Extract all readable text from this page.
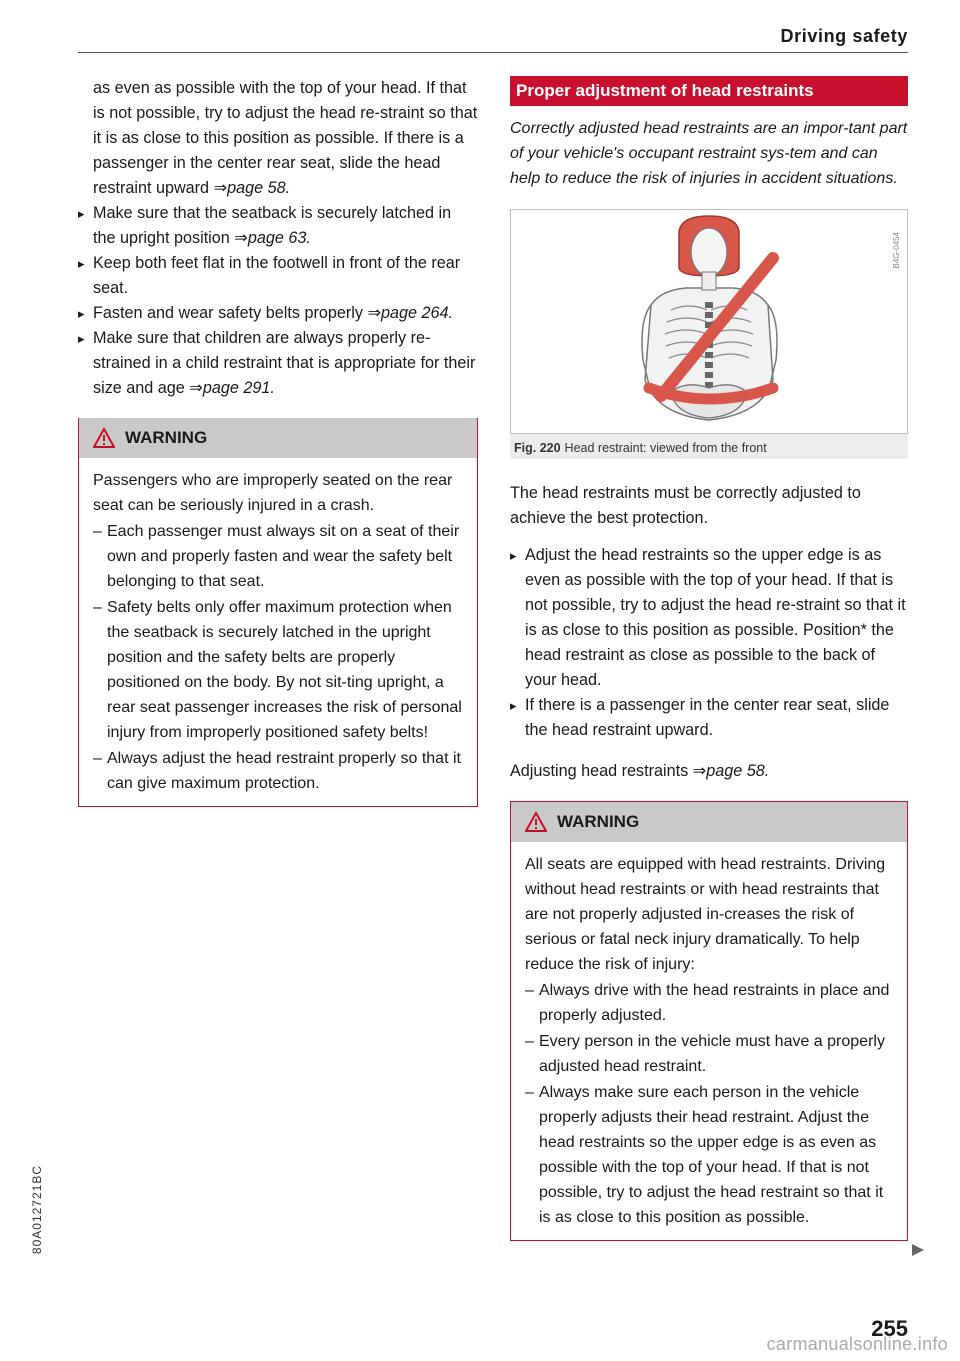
Driving safety

as even as possible with the top of your head. If that is not possible, try to adjust the head re-straint so that it is as close to this position as possible. If there is a passenger in the center rear seat, slide the head restraint upward ⇒page 58.

▸ Make sure that the seatback is securely latched in the upright position ⇒page 63.
▸ Keep both feet flat in the footwell in front of the rear seat.
▸ Fasten and wear safety belts properly ⇒page 264.
▸ Make sure that children are always properly re-strained in a child restraint that is appropriate for their size and age ⇒page 291.
WARNING

Passengers who are improperly seated on the rear seat can be seriously injured in a crash.

– Each passenger must always sit on a seat of their own and properly fasten and wear the safety belt belonging to that seat.
– Safety belts only offer maximum protection when the seatback is securely latched in the upright position and the safety belts are properly positioned on the body. By not sit-ting upright, a rear seat passenger increases the risk of personal injury from improperly positioned safety belts!
– Always adjust the head restraint properly so that it can give maximum protection.
Proper adjustment of head restraints

Correctly adjusted head restraints are an impor-tant part of your vehicle's occupant restraint sys-tem and can help to reduce the risk of injuries in accident situations.

B4G-0454
Fig. 220 Head restraint: viewed from the front

The head restraints must be correctly adjusted to achieve the best protection.

▸ Adjust the head restraints so the upper edge is as even as possible with the top of your head. If that is not possible, try to adjust the head re-straint so that it is as close to this position as possible. Position* the head restraint as close as possible to the back of your head.
▸ If there is a passenger in the center rear seat, slide the head restraint upward.

Adjusting head restraints ⇒page 58.

WARNING

All seats are equipped with head restraints. Driving without head restraints or with head restraints that are not properly adjusted in-creases the risk of serious or fatal neck injury dramatically. To help reduce the risk of injury:

– Always drive with the head restraints in place and properly adjusted.
– Every person in the vehicle must have a properly adjusted head restraint.
– Always make sure each person in the vehicle properly adjusts their head restraint. Adjust the head restraints so the upper edge is as even as possible with the top of your head. If that is not possible, try to adjust the head restraint so that it is as close to this position as possible.
80A012721BC
255
carmanualsonline.info
